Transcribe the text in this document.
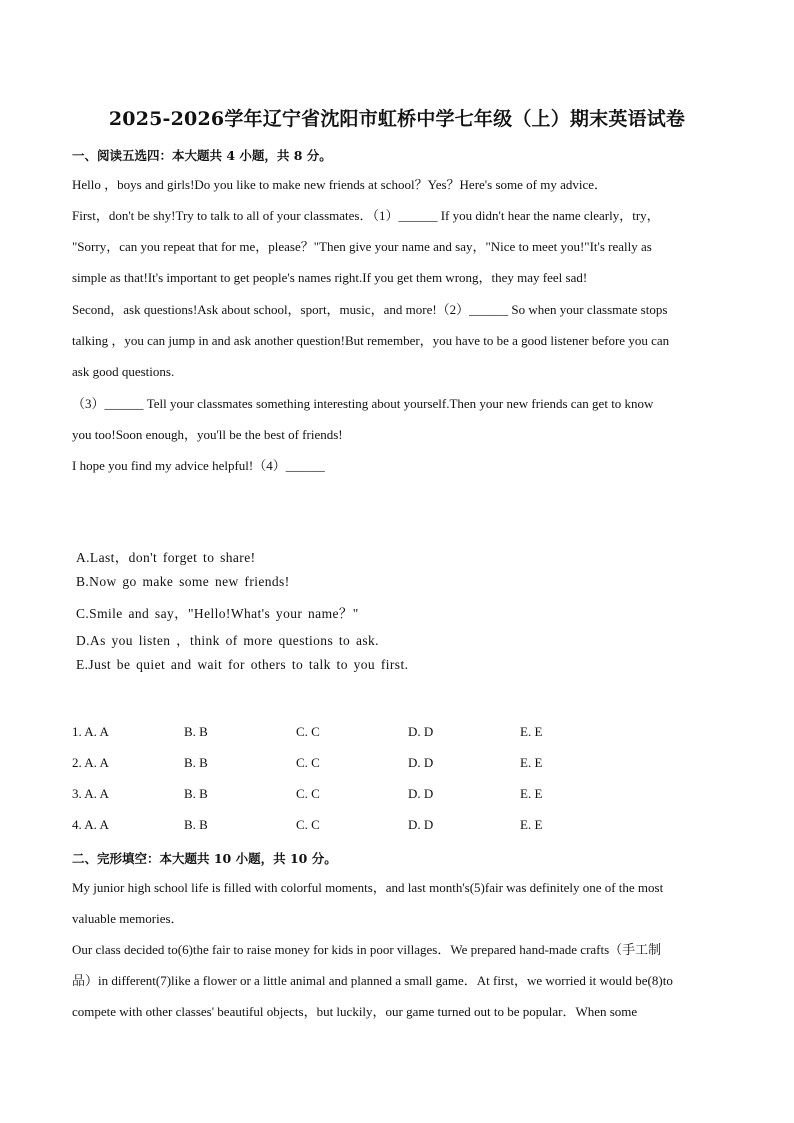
2025-2026学年辽宁省沈阳市虹桥中学七年级（上）期末英语试卷
一、阅读五选四：本大题共 4 小题，共 8 分。
Hello ，boys and girls!Do you like to make new friends at school？Yes？Here's some of my advice．
First，don't be shy!Try to talk to all of your classmates．（1）______ If you didn't hear the name clearly，try，
"Sorry，can you repeat that for me，please？"Then give your name and say，"Nice to meet you!"It's really as
simple as that!It's important to get people's names right.If you get them wrong，they may feel sad!
Second，ask questions!Ask about school，sport，music，and more!（2）______ So when your classmate stops
talking ，you can jump in and ask another question!But remember，you have to be a good listener before you can
ask good questions.
（3）______ Tell your classmates something interesting about yourself.Then your new friends can get to know
you too!Soon enough，you'll be the best of friends!
I hope you find my advice helpful!（4）______
A.Last，don't forget to share!
B.Now go make some new friends!
C.Smile and say，"Hello!What's your name？"
D.As you listen ，think of more questions to ask.
E.Just be quiet and wait for others to talk to you first.
1. A. A	B. B	C. C	D. D	E. E
2. A. A	B. B	C. C	D. D	E. E
3. A. A	B. B	C. C	D. D	E. E
4. A. A	B. B	C. C	D. D	E. E
二、完形填空：本大题共 10 小题，共 10 分。
My junior high school life is filled with colorful moments，and last month's(5)fair was definitely one of the most
valuable memories．
Our class decided to(6)the fair to raise money for kids in poor villages．We prepared hand-made crafts（手工制
品）in different(7)like a flower or a little animal and planned a small game．At first，we worried it would be(8)to
compete with other classes' beautiful objects，but luckily，our game turned out to be popular．When some
